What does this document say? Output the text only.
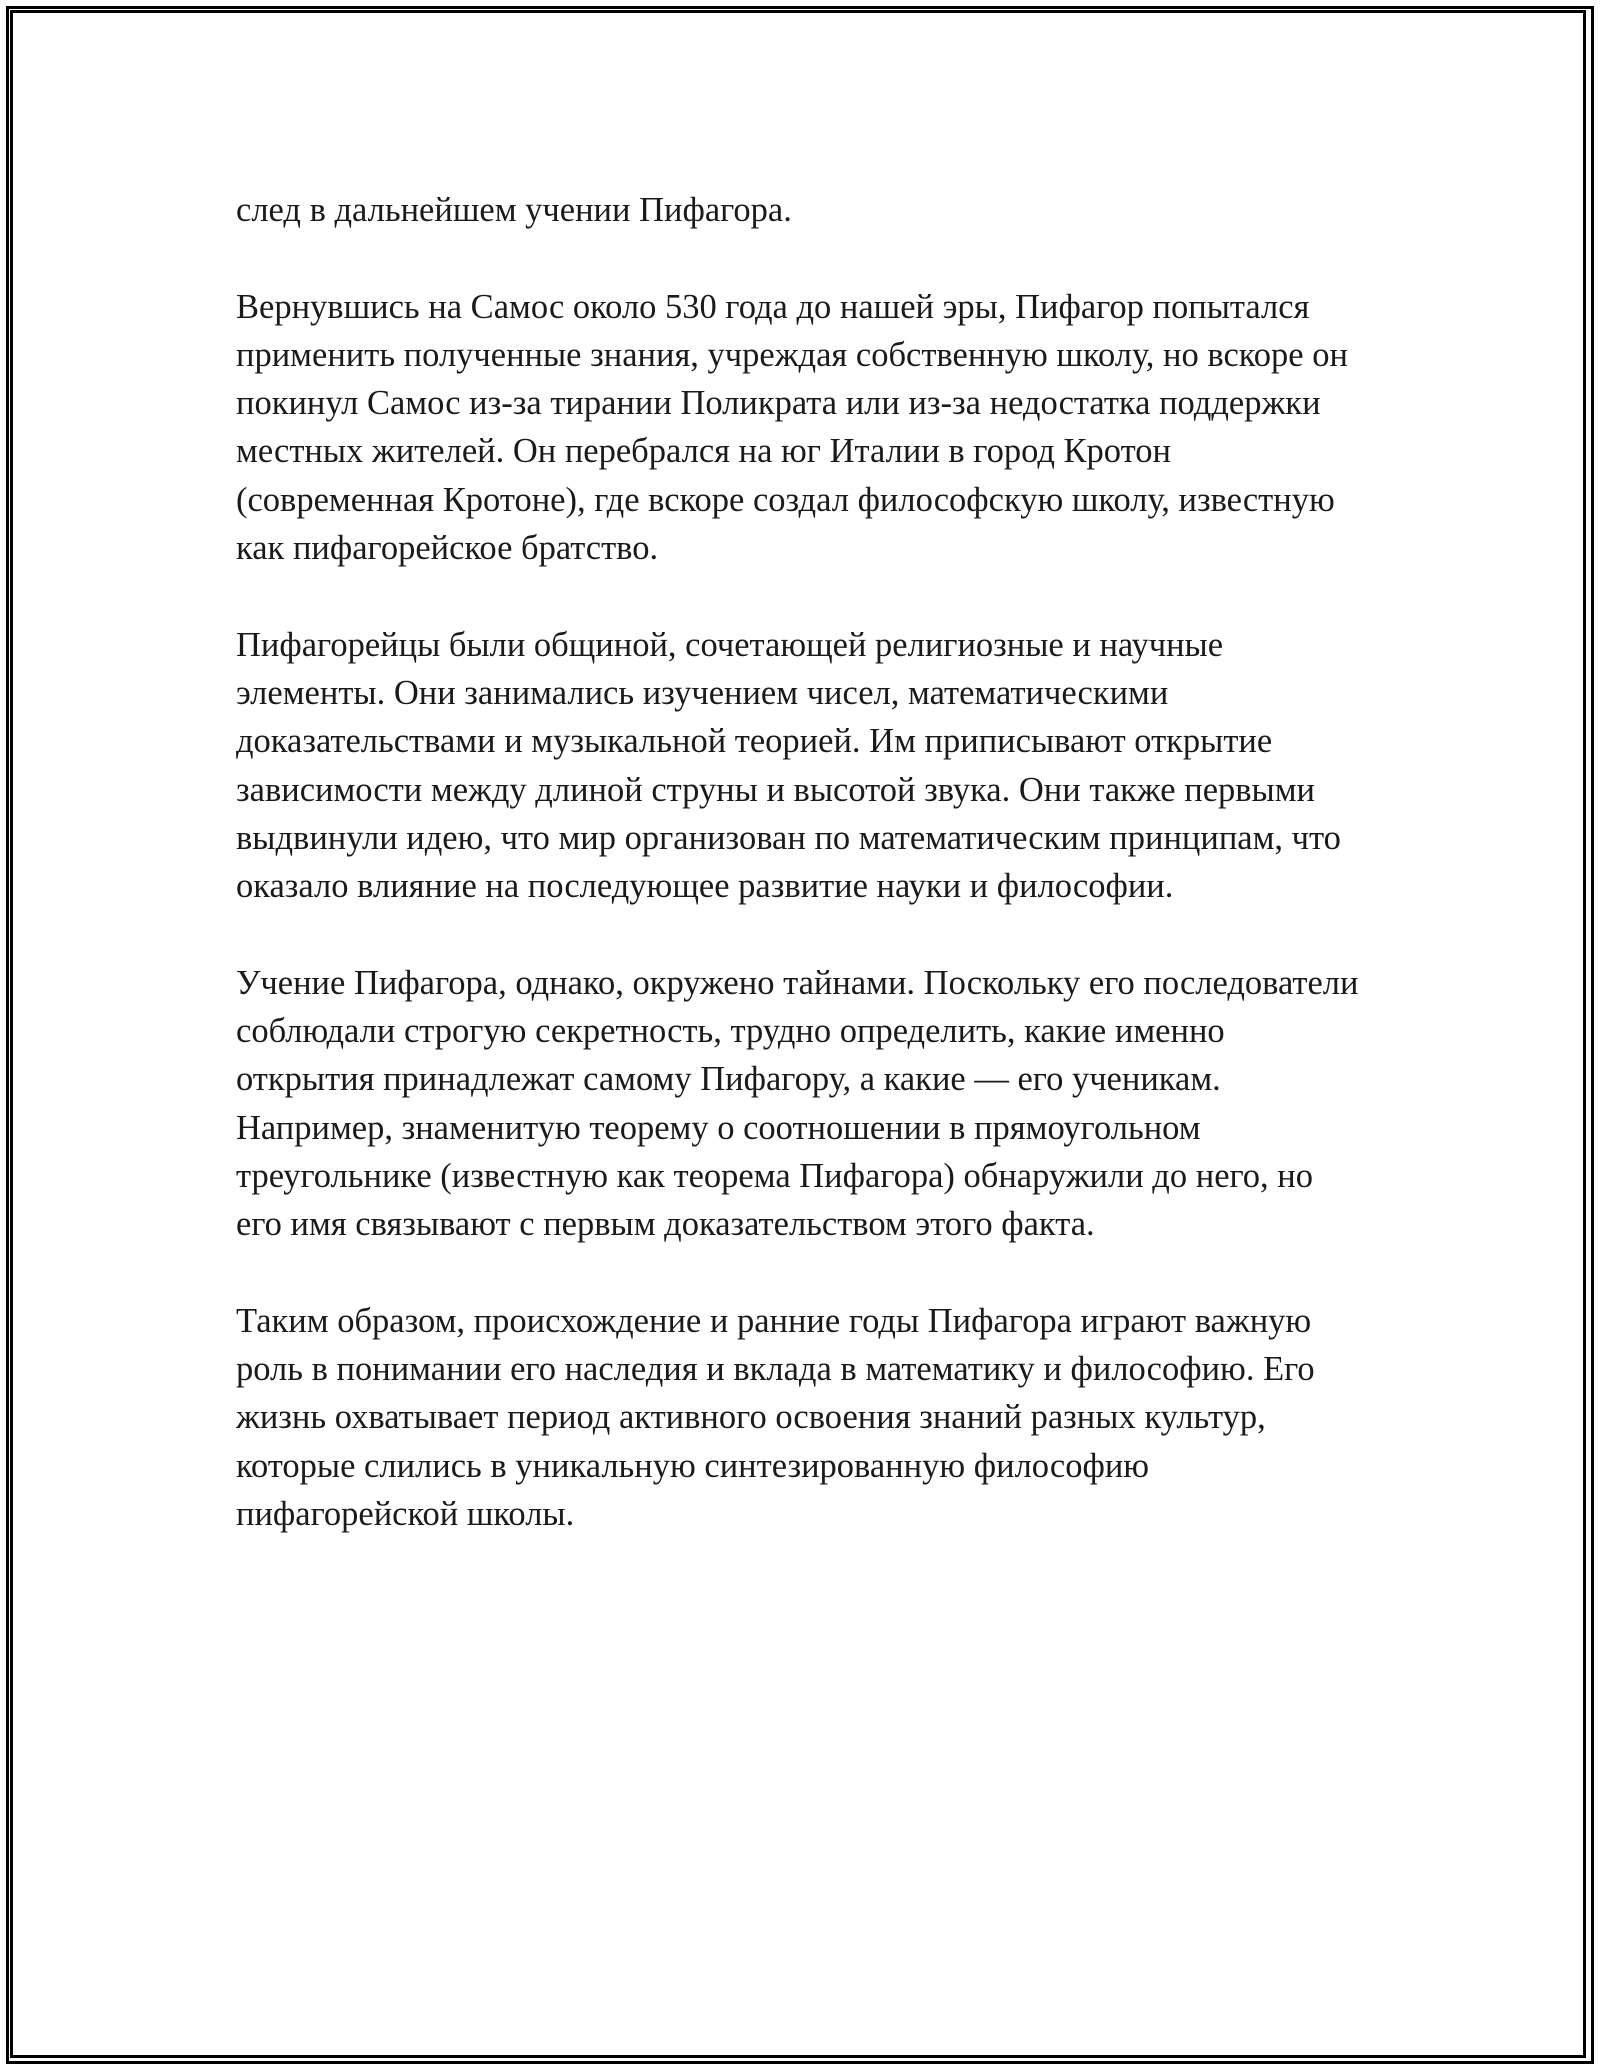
след в дальнейшем учении Пифагора.

Вернувшись на Самос около 530 года до нашей эры, Пифагор попытался применить полученные знания, учреждая собственную школу, но вскоре он покинул Самос из-за тирании Поликрата или из-за недостатка поддержки местных жителей. Он перебрался на юг Италии в город Кротон (современная Кротоне), где вскоре создал философскую школу, известную как пифагорейское братство.

Пифагорейцы были общиной, сочетающей религиозные и научные элементы. Они занимались изучением чисел, математическими доказательствами и музыкальной теорией. Им приписывают открытие зависимости между длиной струны и высотой звука. Они также первыми выдвинули идею, что мир организован по математическим принципам, что оказало влияние на последующее развитие науки и философии.

Учение Пифагора, однако, окружено тайнами. Поскольку его последователи соблюдали строгую секретность, трудно определить, какие именно открытия принадлежат самому Пифагору, а какие — его ученикам. Например, знаменитую теорему о соотношении в прямоугольном треугольнике (известную как теорема Пифагора) обнаружили до него, но его имя связывают с первым доказательством этого факта.

Таким образом, происхождение и ранние годы Пифагора играют важную роль в понимании его наследия и вклада в математику и философию. Его жизнь охватывает период активного освоения знаний разных культур, которые слились в уникальную синтезированную философию пифагорейской школы.
